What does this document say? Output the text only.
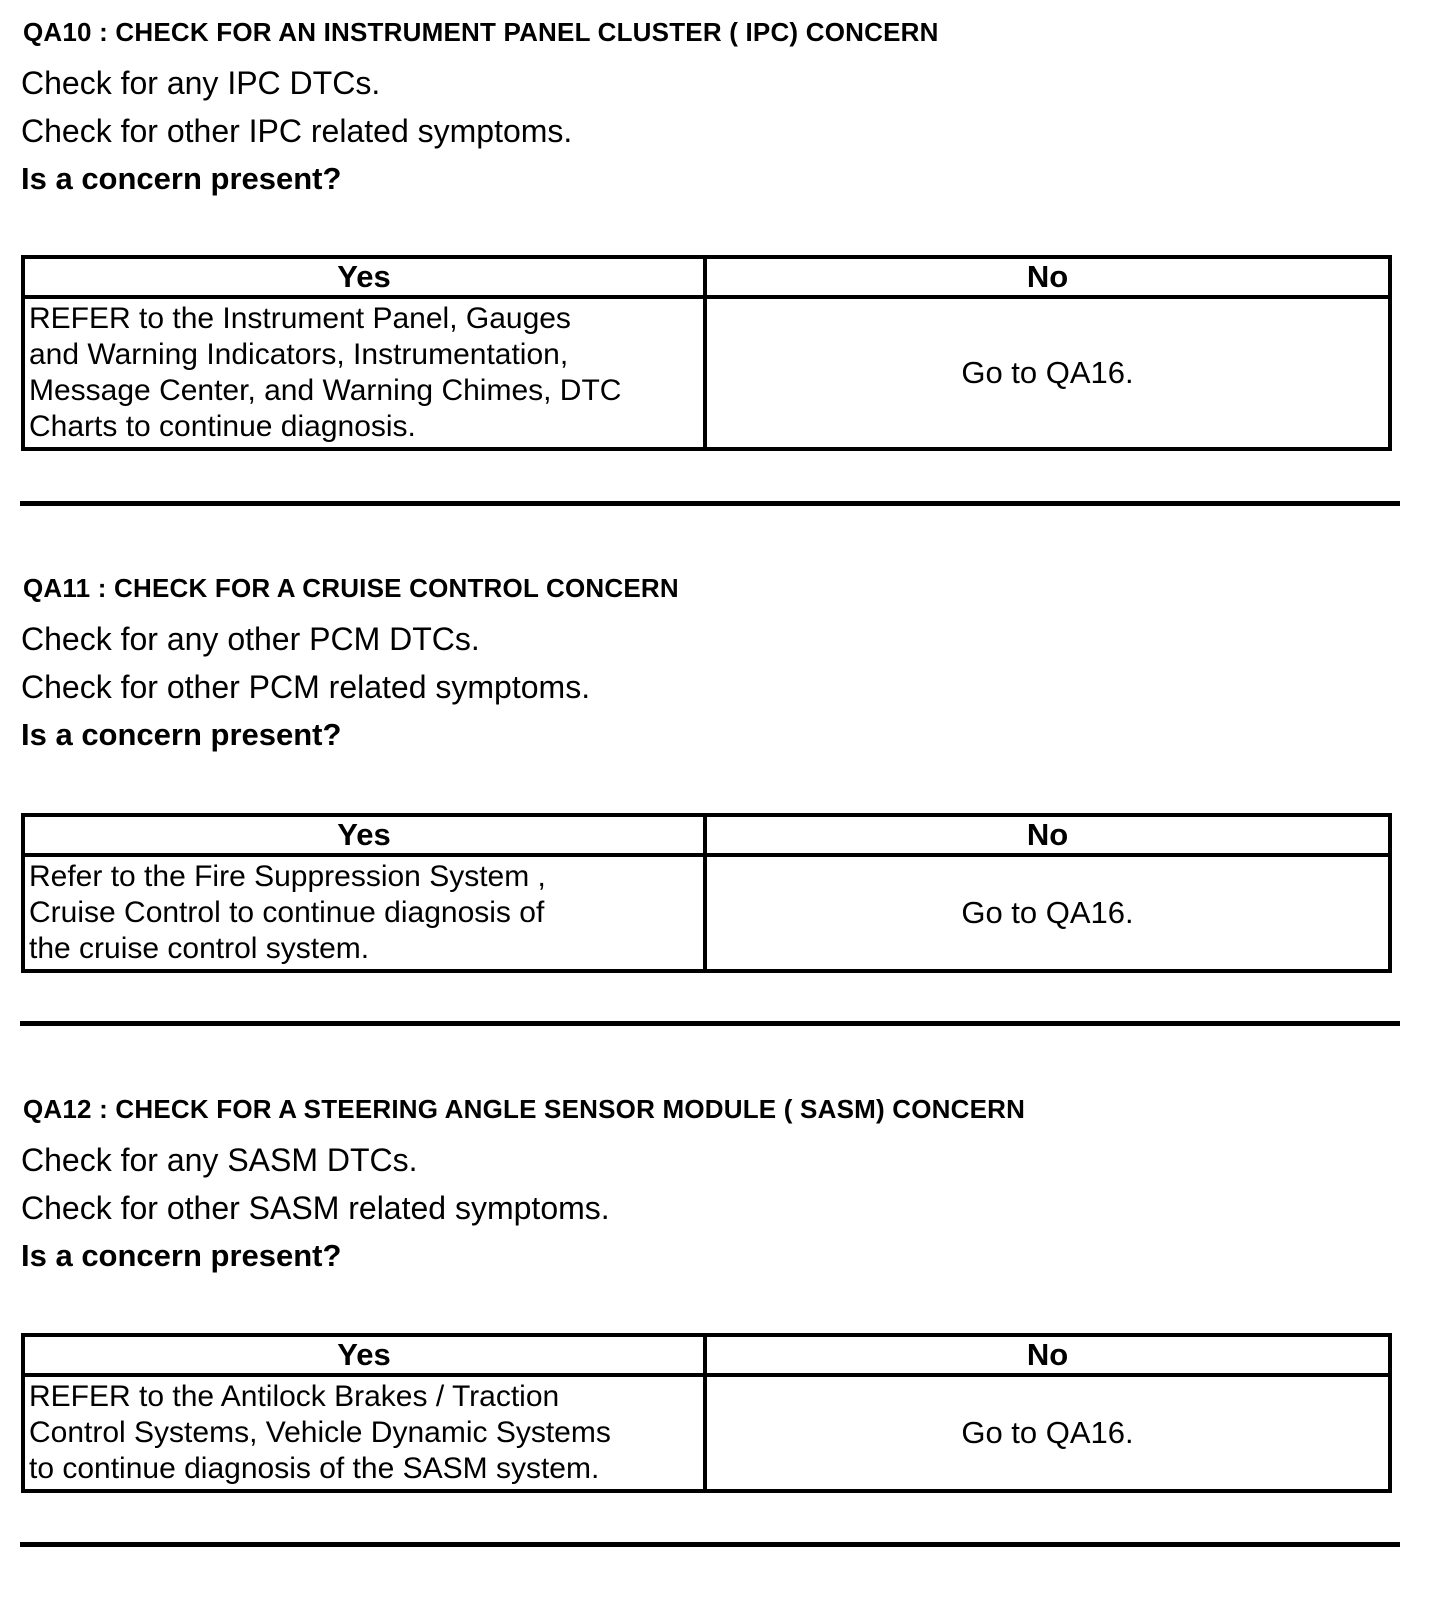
QA10 : CHECK FOR AN INSTRUMENT PANEL CLUSTER ( IPC) CONCERN
Check for any IPC DTCs.
Check for other IPC related symptoms.
Is a concern present?
Yes	No

REFER to the Instrument Panel, Gauges
and Warning Indicators, Instrumentation,
Message Center, and Warning Chimes, DTC
Charts to continue diagnosis.	Go to QA16.
QA11 : CHECK FOR A CRUISE CONTROL CONCERN
Check for any other PCM DTCs.
Check for other PCM related symptoms.
Is a concern present?
Yes	No

Refer to the Fire Suppression System ,
Cruise Control to continue diagnosis of
the cruise control system.	Go to QA16.
QA12 : CHECK FOR A STEERING ANGLE SENSOR MODULE ( SASM) CONCERN
Check for any SASM DTCs.
Check for other SASM related symptoms.
Is a concern present?
Yes	No

REFER to the Antilock Brakes / Traction
Control Systems, Vehicle Dynamic Systems
to continue diagnosis of the SASM system.	Go to QA16.
